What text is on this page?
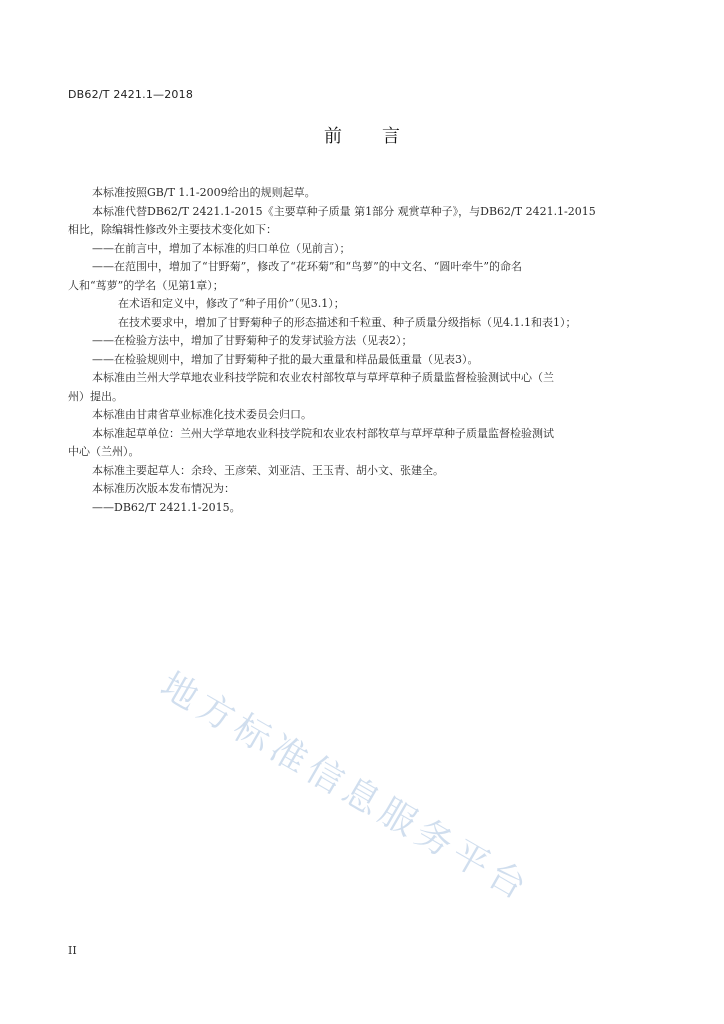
DB62/T 2421.1—2018
前 言
本标准按照GB/T 1.1-2009给出的规则起草。
本标准代替DB62/T 2421.1-2015《主要草种子质量 第1部分 观赏草种子》，与DB62/T 2421.1-2015
相比，除编辑性修改外主要技术变化如下：
——在前言中，增加了本标准的归口单位（见前言）；
——在范围中，增加了“甘野菊”，修改了“花环菊”和“鸟萝”的中文名、“圆叶牵牛”的命名
人和“茑萝”的学名（见第1章）；
在术语和定义中，修改了“种子用价”（见3.1）；
在技术要求中，增加了甘野菊种子的形态描述和千粒重、种子质量分级指标（见4.1.1和表1）；
——在检验方法中，增加了甘野菊种子的发芽试验方法（见表2）；
——在检验规则中，增加了甘野菊种子批的最大重量和样品最低重量（见表3）。
本标准由兰州大学草地农业科技学院和农业农村部牧草与草坪草种子质量监督检验测试中心（兰
州）提出。
本标准由甘肃省草业标准化技术委员会归口。
本标准起草单位：兰州大学草地农业科技学院和农业农村部牧草与草坪草种子质量监督检验测试
中心（兰州）。
本标准主要起草人：余玲、王彦荣、刘亚洁、王玉青、胡小文、张建全。
本标准历次版本发布情况为：
——DB62/T 2421.1-2015。
地方标准信息服务平台
II
